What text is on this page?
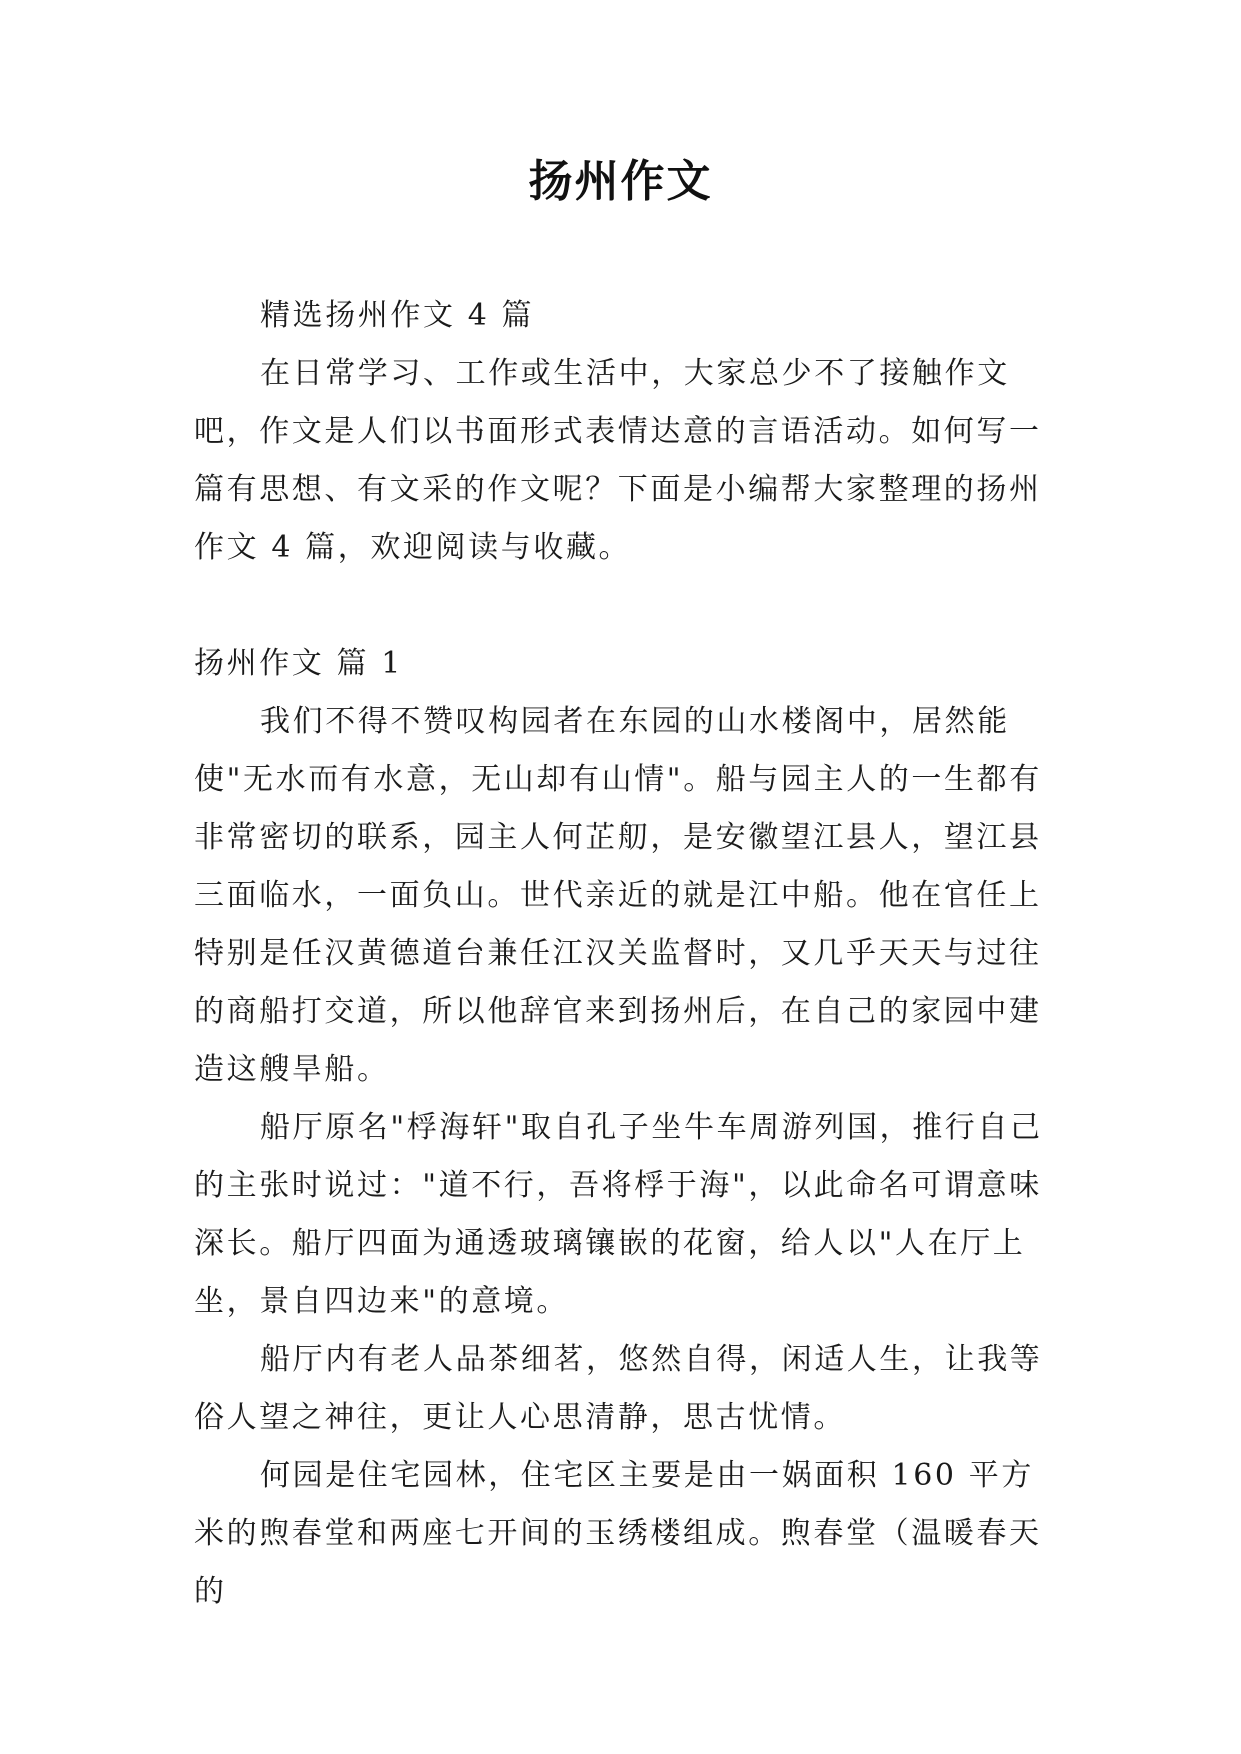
扬州作文

精选扬州作文 4 篇

在日常学习、工作或生活中，大家总少不了接触作文吧，作文是人们以书面形式表情达意的言语活动。如何写一篇有思想、有文采的作文呢？下面是小编帮大家整理的扬州作文 4 篇，欢迎阅读与收藏。

扬州作文 篇 1

我们不得不赞叹构园者在东园的山水楼阁中，居然能使"无水而有水意，无山却有山情"。船与园主人的一生都有非常密切的联系，园主人何芷舠，是安徽望江县人，望江县三面临水，一面负山。世代亲近的就是江中船。他在官任上特别是任汉黄德道台兼任江汉关监督时，又几乎天天与过往的商船打交道，所以他辞官来到扬州后，在自己的家园中建造这艘旱船。

船厅原名"桴海轩"取自孔子坐牛车周游列国，推行自己的主张时说过："道不行，吾将桴于海"，以此命名可谓意味深长。船厅四面为通透玻璃镶嵌的花窗，给人以"人在厅上坐，景自四边来"的意境。

船厅内有老人品茶细茗，悠然自得，闲适人生，让我等俗人望之神往，更让人心思清静，思古忧情。

何园是住宅园林，住宅区主要是由一娲面积 160 平方米的煦春堂和两座七开间的玉绣楼组成。煦春堂（温暖春天的
